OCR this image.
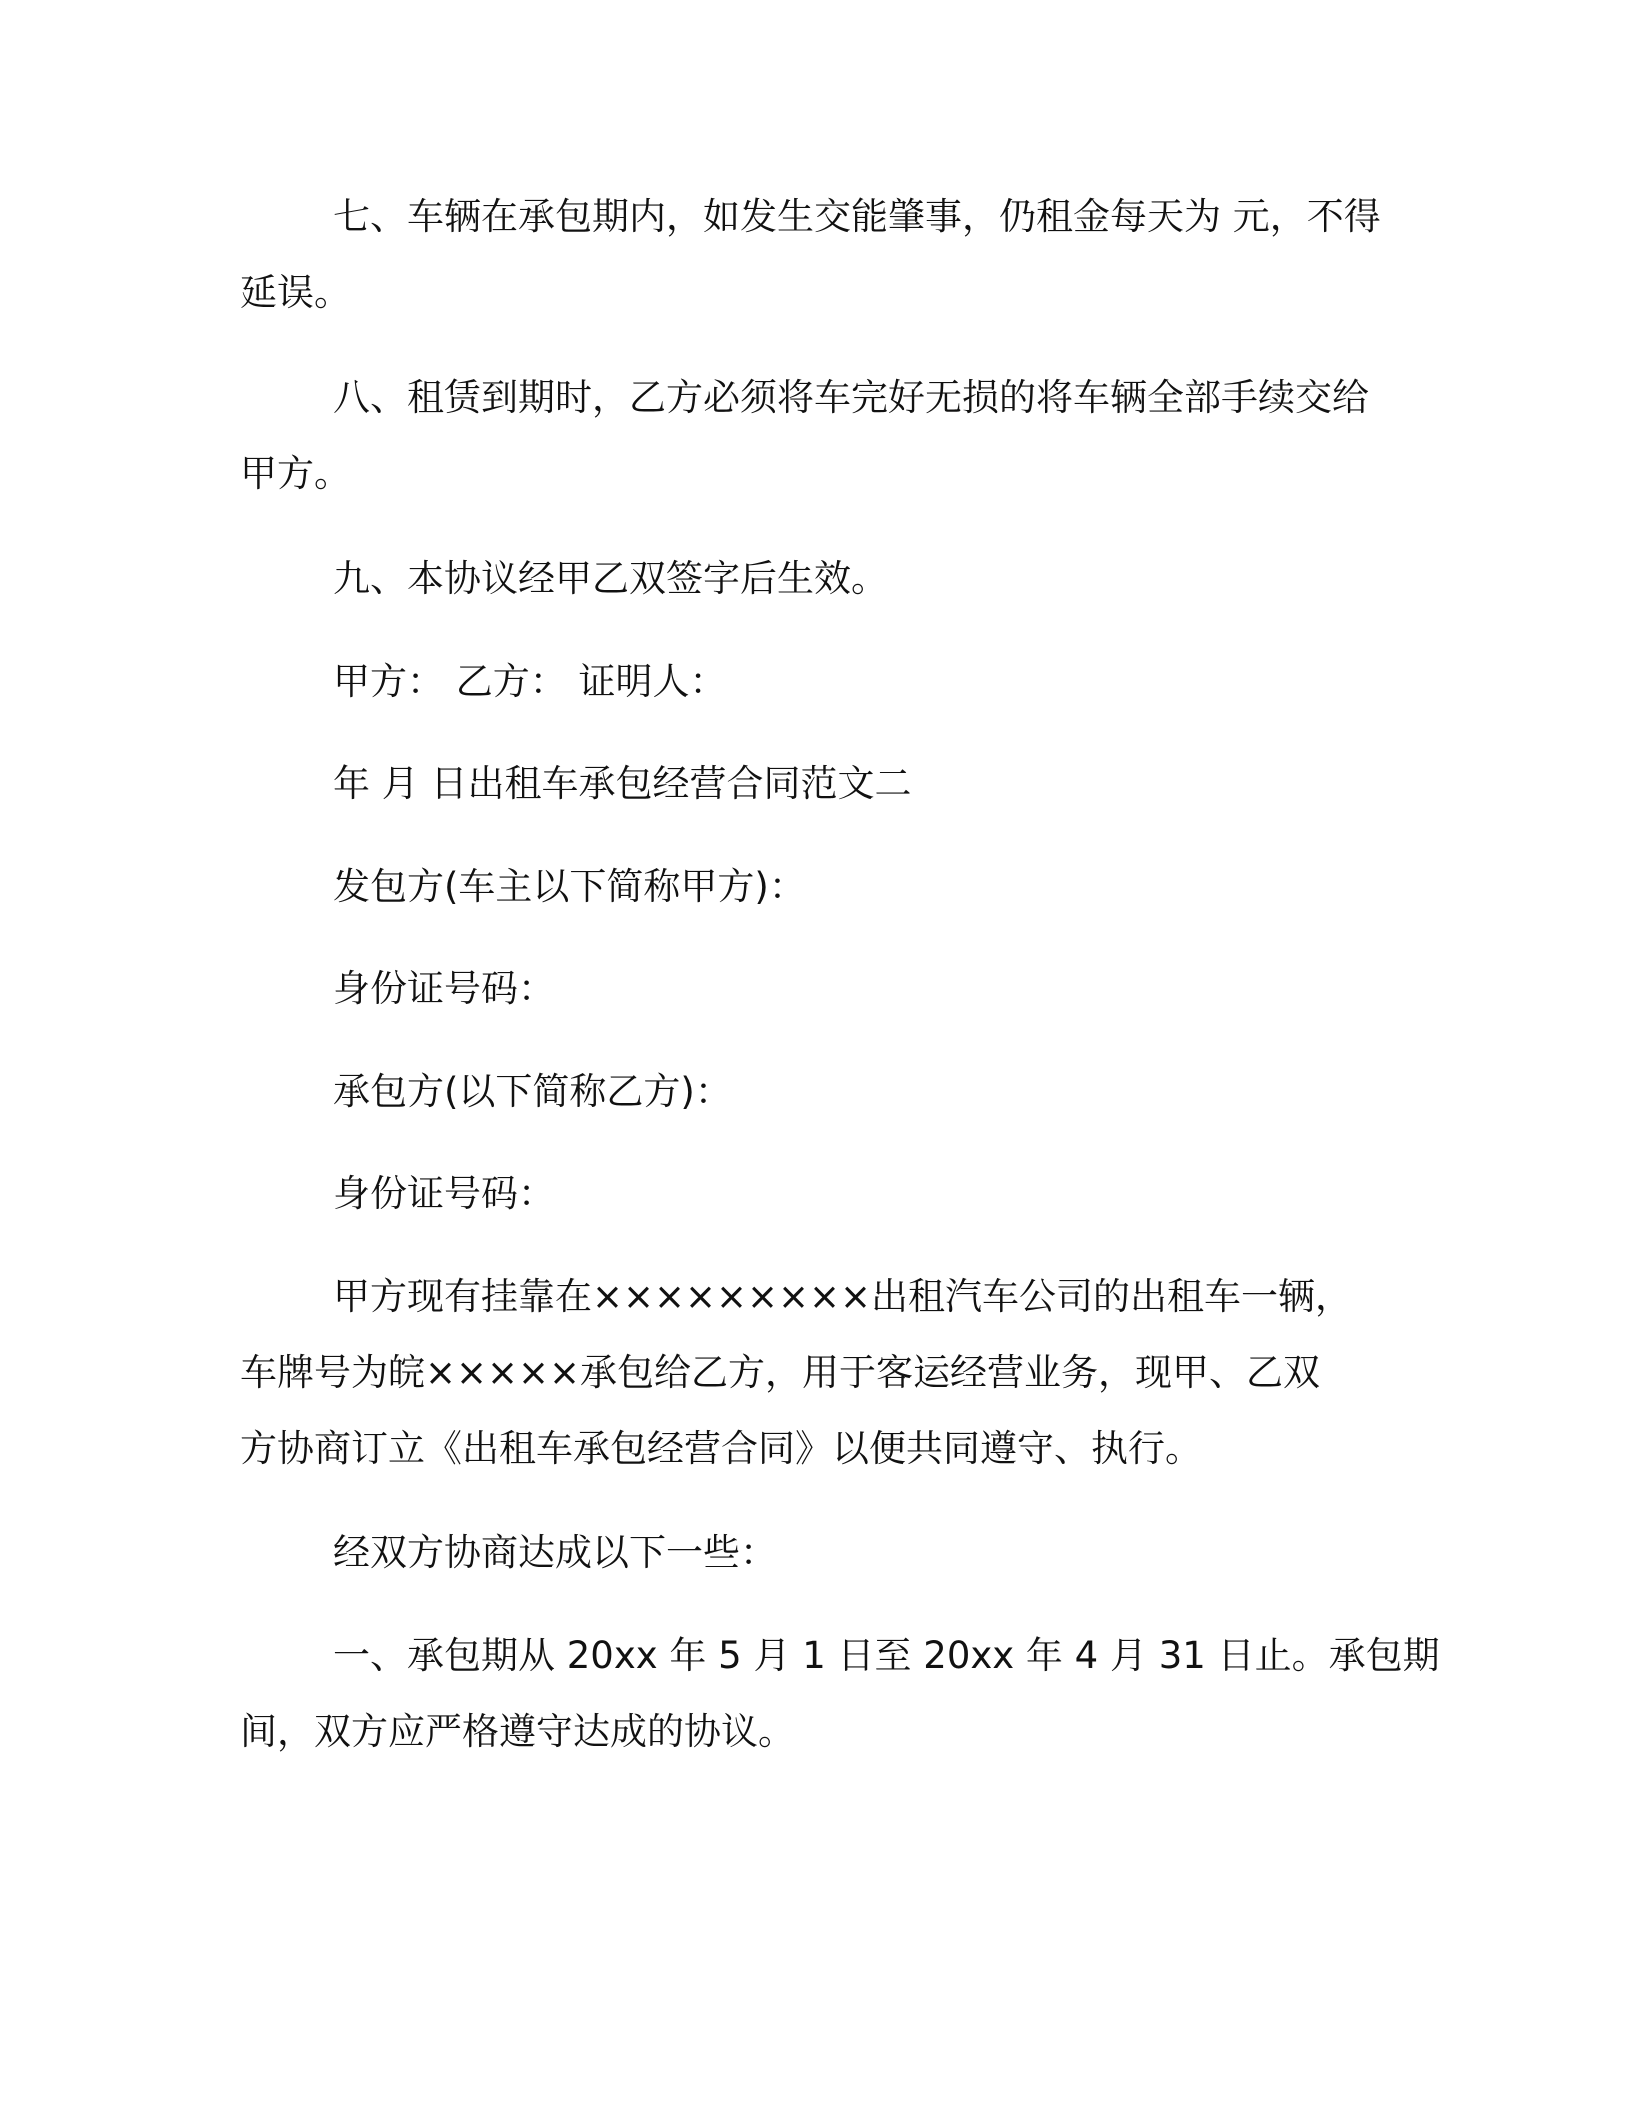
七、车辆在承包期内，如发生交能肇事，仍租金每天为 元，不得
延误。
八、租赁到期时，乙方必须将车完好无损的将车辆全部手续交给
甲方。
九、本协议经甲乙双签字后生效。
甲方： 乙方： 证明人：
年 月 日出租车承包经营合同范文二
发包方(车主以下简称甲方)：
身份证号码：
承包方(以下简称乙方)：
身份证号码：
甲方现有挂靠在×××××××××出租汽车公司的出租车一辆，
车牌号为皖×××××承包给乙方，用于客运经营业务，现甲、乙双
方协商订立《出租车承包经营合同》以便共同遵守、执行。
经双方协商达成以下一些：
一、承包期从 20xx 年 5 月 1 日至 20xx 年 4 月 31 日止。承包期
间，双方应严格遵守达成的协议。
